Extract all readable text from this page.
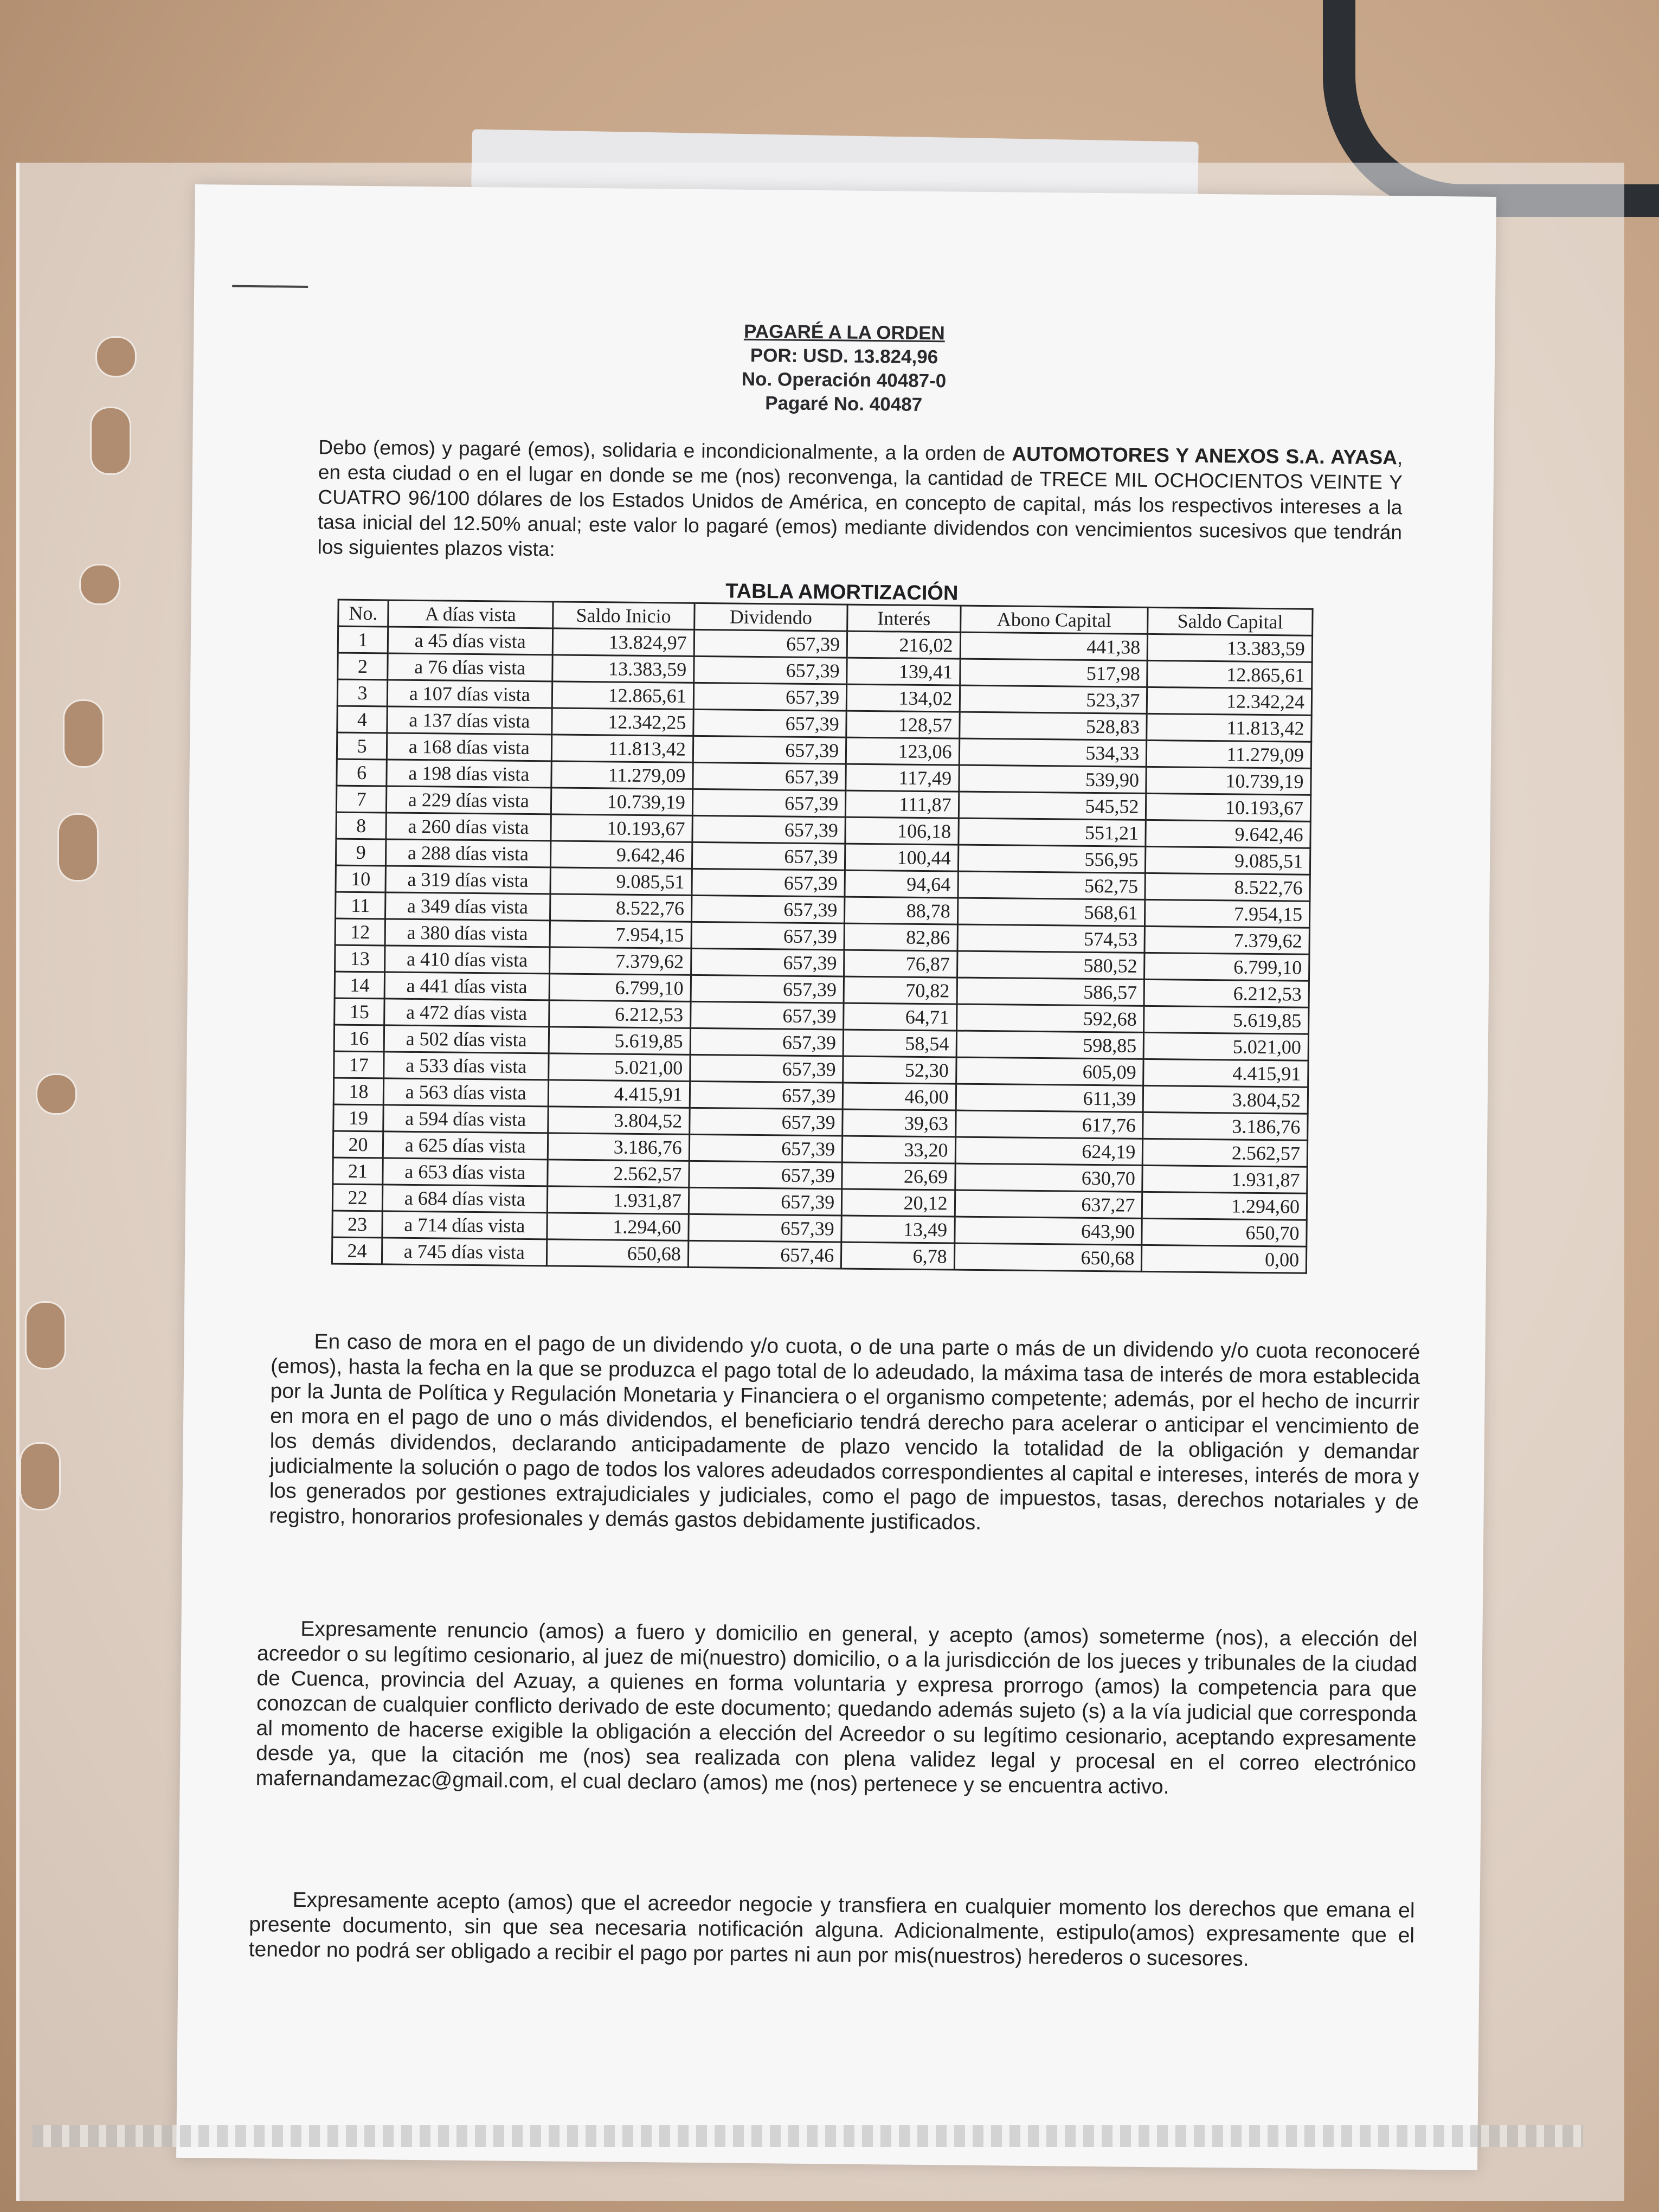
PAGARÉ A LA ORDEN
POR: USD. 13.824,96
No. Operación 40487-0
Pagaré No. 40487
Debo (emos) y pagaré (emos), solidaria e incondicionalmente, a la orden de AUTOMOTORES Y ANEXOS S.A. AYASA, en esta ciudad o en el lugar en donde se me (nos) reconvenga, la cantidad de TRECE MIL OCHOCIENTOS VEINTE Y CUATRO 96/100 dólares de los Estados Unidos de América, en concepto de capital, más los respectivos intereses a la tasa inicial del 12.50% anual; este valor lo pagaré (emos) mediante dividendos con vencimientos sucesivos que tendrán los siguientes plazos vista:
TABLA AMORTIZACIÓN
No.	A días vista	Saldo Inicio	Dividendo	Interés	Abono Capital	Saldo Capital
1	a 45 días vista	13.824,97	657,39	216,02	441,38	13.383,59
2	a 76 días vista	13.383,59	657,39	139,41	517,98	12.865,61
3	a 107 días vista	12.865,61	657,39	134,02	523,37	12.342,24
4	a 137 días vista	12.342,25	657,39	128,57	528,83	11.813,42
5	a 168 días vista	11.813,42	657,39	123,06	534,33	11.279,09
6	a 198 días vista	11.279,09	657,39	117,49	539,90	10.739,19
7	a 229 días vista	10.739,19	657,39	111,87	545,52	10.193,67
8	a 260 días vista	10.193,67	657,39	106,18	551,21	9.642,46
9	a 288 días vista	9.642,46	657,39	100,44	556,95	9.085,51
10	a 319 días vista	9.085,51	657,39	94,64	562,75	8.522,76
11	a 349 días vista	8.522,76	657,39	88,78	568,61	7.954,15
12	a 380 días vista	7.954,15	657,39	82,86	574,53	7.379,62
13	a 410 días vista	7.379,62	657,39	76,87	580,52	6.799,10
14	a 441 días vista	6.799,10	657,39	70,82	586,57	6.212,53
15	a 472 días vista	6.212,53	657,39	64,71	592,68	5.619,85
16	a 502 días vista	5.619,85	657,39	58,54	598,85	5.021,00
17	a 533 días vista	5.021,00	657,39	52,30	605,09	4.415,91
18	a 563 días vista	4.415,91	657,39	46,00	611,39	3.804,52
19	a 594 días vista	3.804,52	657,39	39,63	617,76	3.186,76
20	a 625 días vista	3.186,76	657,39	33,20	624,19	2.562,57
21	a 653 días vista	2.562,57	657,39	26,69	630,70	1.931,87
22	a 684 días vista	1.931,87	657,39	20,12	637,27	1.294,60
23	a 714 días vista	1.294,60	657,39	13,49	643,90	650,70
24	a 745 días vista	650,68	657,46	6,78	650,68	0,00
En caso de mora en el pago de un dividendo y/o cuota, o de una parte o más de un dividendo y/o cuota reconoceré (emos), hasta la fecha en la que se produzca el pago total de lo adeudado, la máxima tasa de interés de mora establecida por la Junta de Política y Regulación Monetaria y Financiera o el organismo competente; además, por el hecho de incurrir en mora en el pago de uno o más dividendos, el beneficiario tendrá derecho para acelerar o anticipar el vencimiento de los demás dividendos, declarando anticipadamente de plazo vencido la totalidad de la obligación y demandar judicialmente la solución o pago de todos los valores adeudados correspondientes al capital e intereses, interés de mora y los generados por gestiones extrajudiciales y judiciales, como el pago de impuestos, tasas, derechos notariales y de registro, honorarios profesionales y demás gastos debidamente justificados.
Expresamente renuncio (amos) a fuero y domicilio en general, y acepto (amos) someterme (nos), a elección del acreedor o su legítimo cesionario, al juez de mi(nuestro) domicilio, o a la jurisdicción de los jueces y tribunales de la ciudad de Cuenca, provincia del Azuay, a quienes en forma voluntaria y expresa prorrogo (amos) la competencia para que conozcan de cualquier conflicto derivado de este documento; quedando además sujeto (s) a la vía judicial que corresponda al momento de hacerse exigible la obligación a elección del Acreedor o su legítimo cesionario, aceptando expresamente desde ya, que la citación me (nos) sea realizada con plena validez legal y procesal en el correo electrónico mafernandamezac@gmail.com, el cual declaro (amos) me (nos) pertenece y se encuentra activo.
Expresamente acepto (amos) que el acreedor negocie y transfiera en cualquier momento los derechos que emana el presente documento, sin que sea necesaria notificación alguna. Adicionalmente, estipulo(amos) expresamente que el tenedor no podrá ser obligado a recibir el pago por partes ni aun por mis(nuestros) herederos o sucesores.
